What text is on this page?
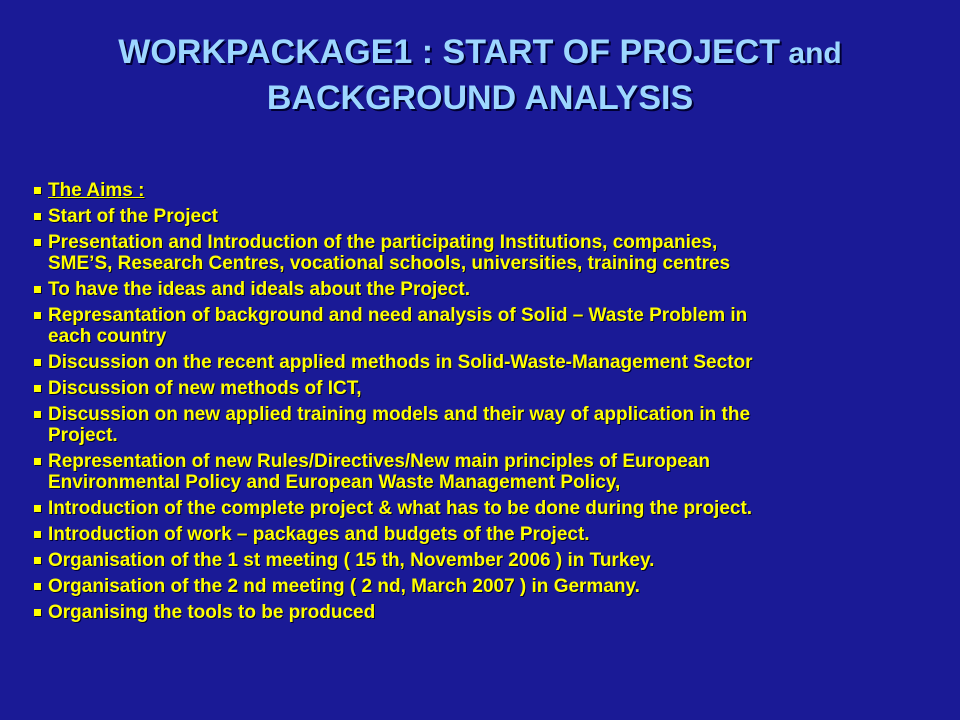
WORKPACKAGE1 : START OF PROJECT and
BACKGROUND ANALYSIS
The Aims :
Start of the Project
Presentation and Introduction of the participating Institutions, companies,
SME’S, Research Centres, vocational schools, universities, training centres
To have the ideas and ideals about the Project.
Represantation of background and need analysis of Solid – Waste Problem in
each country
Discussion on the recent applied methods in Solid-Waste-Management Sector
Discussion of new methods of ICT,
Discussion on new applied training models and their way of application in the
Project.
Representation of new Rules/Directives/New main principles of European
Environmental Policy and European Waste Management Policy,
Introduction of the complete project & what has to be done during the project.
Introduction of work – packages and budgets of the Project.
Organisation of the 1 st meeting ( 15 th, November 2006 ) in Turkey.
Organisation of the 2 nd meeting ( 2 nd, March 2007 ) in Germany.
Organising the tools to be produced
